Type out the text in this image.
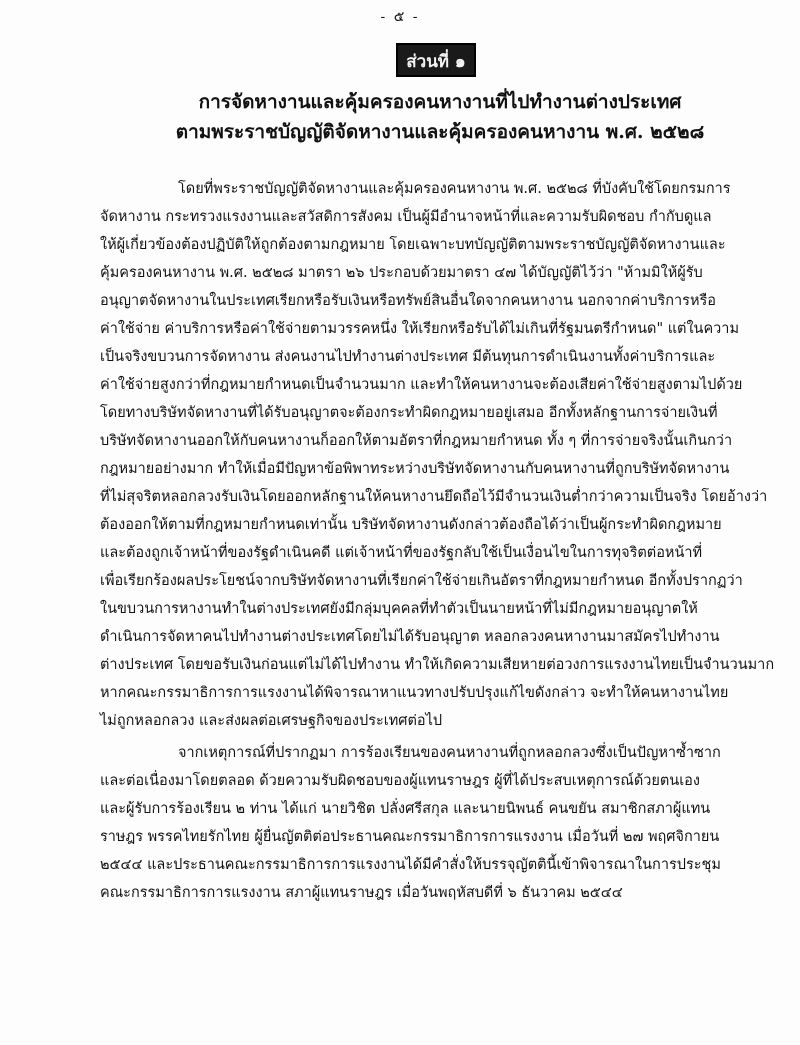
- ๕ -
ส่วนที่ ๑
การจัดหางานและคุ้มครองคนหางานที่ไปทำงานต่างประเทศ
ตามพระราชบัญญัติจัดหางานและคุ้มครองคนหางาน พ.ศ. ๒๕๒๘
โดยที่พระราชบัญญัติจัดหางานและคุ้มครองคนหางาน พ.ศ. ๒๕๒๘ ที่บังคับใช้โดยกรมการ
จัดหางาน กระทรวงแรงงานและสวัสดิการสังคม เป็นผู้มีอำนาจหน้าที่และความรับผิดชอบ กำกับดูแล
ให้ผู้เกี่ยวข้องต้องปฏิบัติให้ถูกต้องตามกฎหมาย โดยเฉพาะบทบัญญัติตามพระราชบัญญัติจัดหางานและ
คุ้มครองคนหางาน พ.ศ. ๒๕๒๘ มาตรา ๒๖ ประกอบด้วยมาตรา ๔๗ ได้บัญญัติไว้ว่า "ห้ามมิให้ผู้รับ
อนุญาตจัดหางานในประเทศเรียกหรือรับเงินหรือทรัพย์สินอื่นใดจากคนหางาน นอกจากค่าบริการหรือ
ค่าใช้จ่าย ค่าบริการหรือค่าใช้จ่ายตามวรรคหนึ่ง ให้เรียกหรือรับได้ไม่เกินที่รัฐมนตรีกำหนด" แต่ในความ
เป็นจริงขบวนการจัดหางาน ส่งคนงานไปทำงานต่างประเทศ มีต้นทุนการดำเนินงานทั้งค่าบริการและ
ค่าใช้จ่ายสูงกว่าที่กฎหมายกำหนดเป็นจำนวนมาก และทำให้คนหางานจะต้องเสียค่าใช้จ่ายสูงตามไปด้วย
โดยทางบริษัทจัดหางานที่ได้รับอนุญาตจะต้องกระทำผิดกฎหมายอยู่เสมอ อีกทั้งหลักฐานการจ่ายเงินที่
บริษัทจัดหางานออกให้กับคนหางานก็ออกให้ตามอัตราที่กฎหมายกำหนด ทั้ง ๆ ที่การจ่ายจริงนั้นเกินกว่า
กฎหมายอย่างมาก ทำให้เมื่อมีปัญหาข้อพิพาทระหว่างบริษัทจัดหางานกับคนหางานที่ถูกบริษัทจัดหางาน
ที่ไม่สุจริตหลอกลวงรับเงินโดยออกหลักฐานให้คนหางานยึดถือไว้มีจำนวนเงินต่ำกว่าความเป็นจริง โดยอ้างว่า
ต้องออกให้ตามที่กฎหมายกำหนดเท่านั้น บริษัทจัดหางานดังกล่าวต้องถือได้ว่าเป็นผู้กระทำผิดกฎหมาย
และต้องถูกเจ้าหน้าที่ของรัฐดำเนินคดี แต่เจ้าหน้าที่ของรัฐกลับใช้เป็นเงื่อนไขในการทุจริตต่อหน้าที่
เพื่อเรียกร้องผลประโยชน์จากบริษัทจัดหางานที่เรียกค่าใช้จ่ายเกินอัตราที่กฎหมายกำหนด อีกทั้งปรากฏว่า
ในขบวนการหางานทำในต่างประเทศยังมีกลุ่มบุคคลที่ทำตัวเป็นนายหน้าที่ไม่มีกฎหมายอนุญาตให้
ดำเนินการจัดหาคนไปทำงานต่างประเทศโดยไม่ได้รับอนุญาต หลอกลวงคนหางานมาสมัครไปทำงาน
ต่างประเทศ โดยขอรับเงินก่อนแต่ไม่ได้ไปทำงาน ทำให้เกิดความเสียหายต่อวงการแรงงานไทยเป็นจำนวนมาก
หากคณะกรรมาธิการการแรงงานได้พิจารณาหาแนวทางปรับปรุงแก้ไขดังกล่าว จะทำให้คนหางานไทย
ไม่ถูกหลอกลวง และส่งผลต่อเศรษฐกิจของประเทศต่อไป
จากเหตุการณ์ที่ปรากฏมา การร้องเรียนของคนหางานที่ถูกหลอกลวงซึ่งเป็นปัญหาซ้ำซาก
และต่อเนื่องมาโดยตลอด ด้วยความรับผิดชอบของผู้แทนราษฎร ผู้ที่ได้ประสบเหตุการณ์ด้วยตนเอง
และผู้รับการร้องเรียน ๒ ท่าน ได้แก่ นายวิชิต ปลั่งศรีสกุล และนายนิพนธ์ คนขยัน สมาชิกสภาผู้แทน
ราษฎร พรรคไทยรักไทย ผู้ยื่นญัตติต่อประธานคณะกรรมาธิการการแรงงาน เมื่อวันที่ ๒๗ พฤศจิกายน
๒๕๔๔ และประธานคณะกรรมาธิการการแรงงานได้มีคำสั่งให้บรรจุญัตตินี้เข้าพิจารณาในการประชุม
คณะกรรมาธิการการแรงงาน สภาผู้แทนราษฎร เมื่อวันพฤหัสบดีที่ ๖ ธันวาคม ๒๕๔๔
